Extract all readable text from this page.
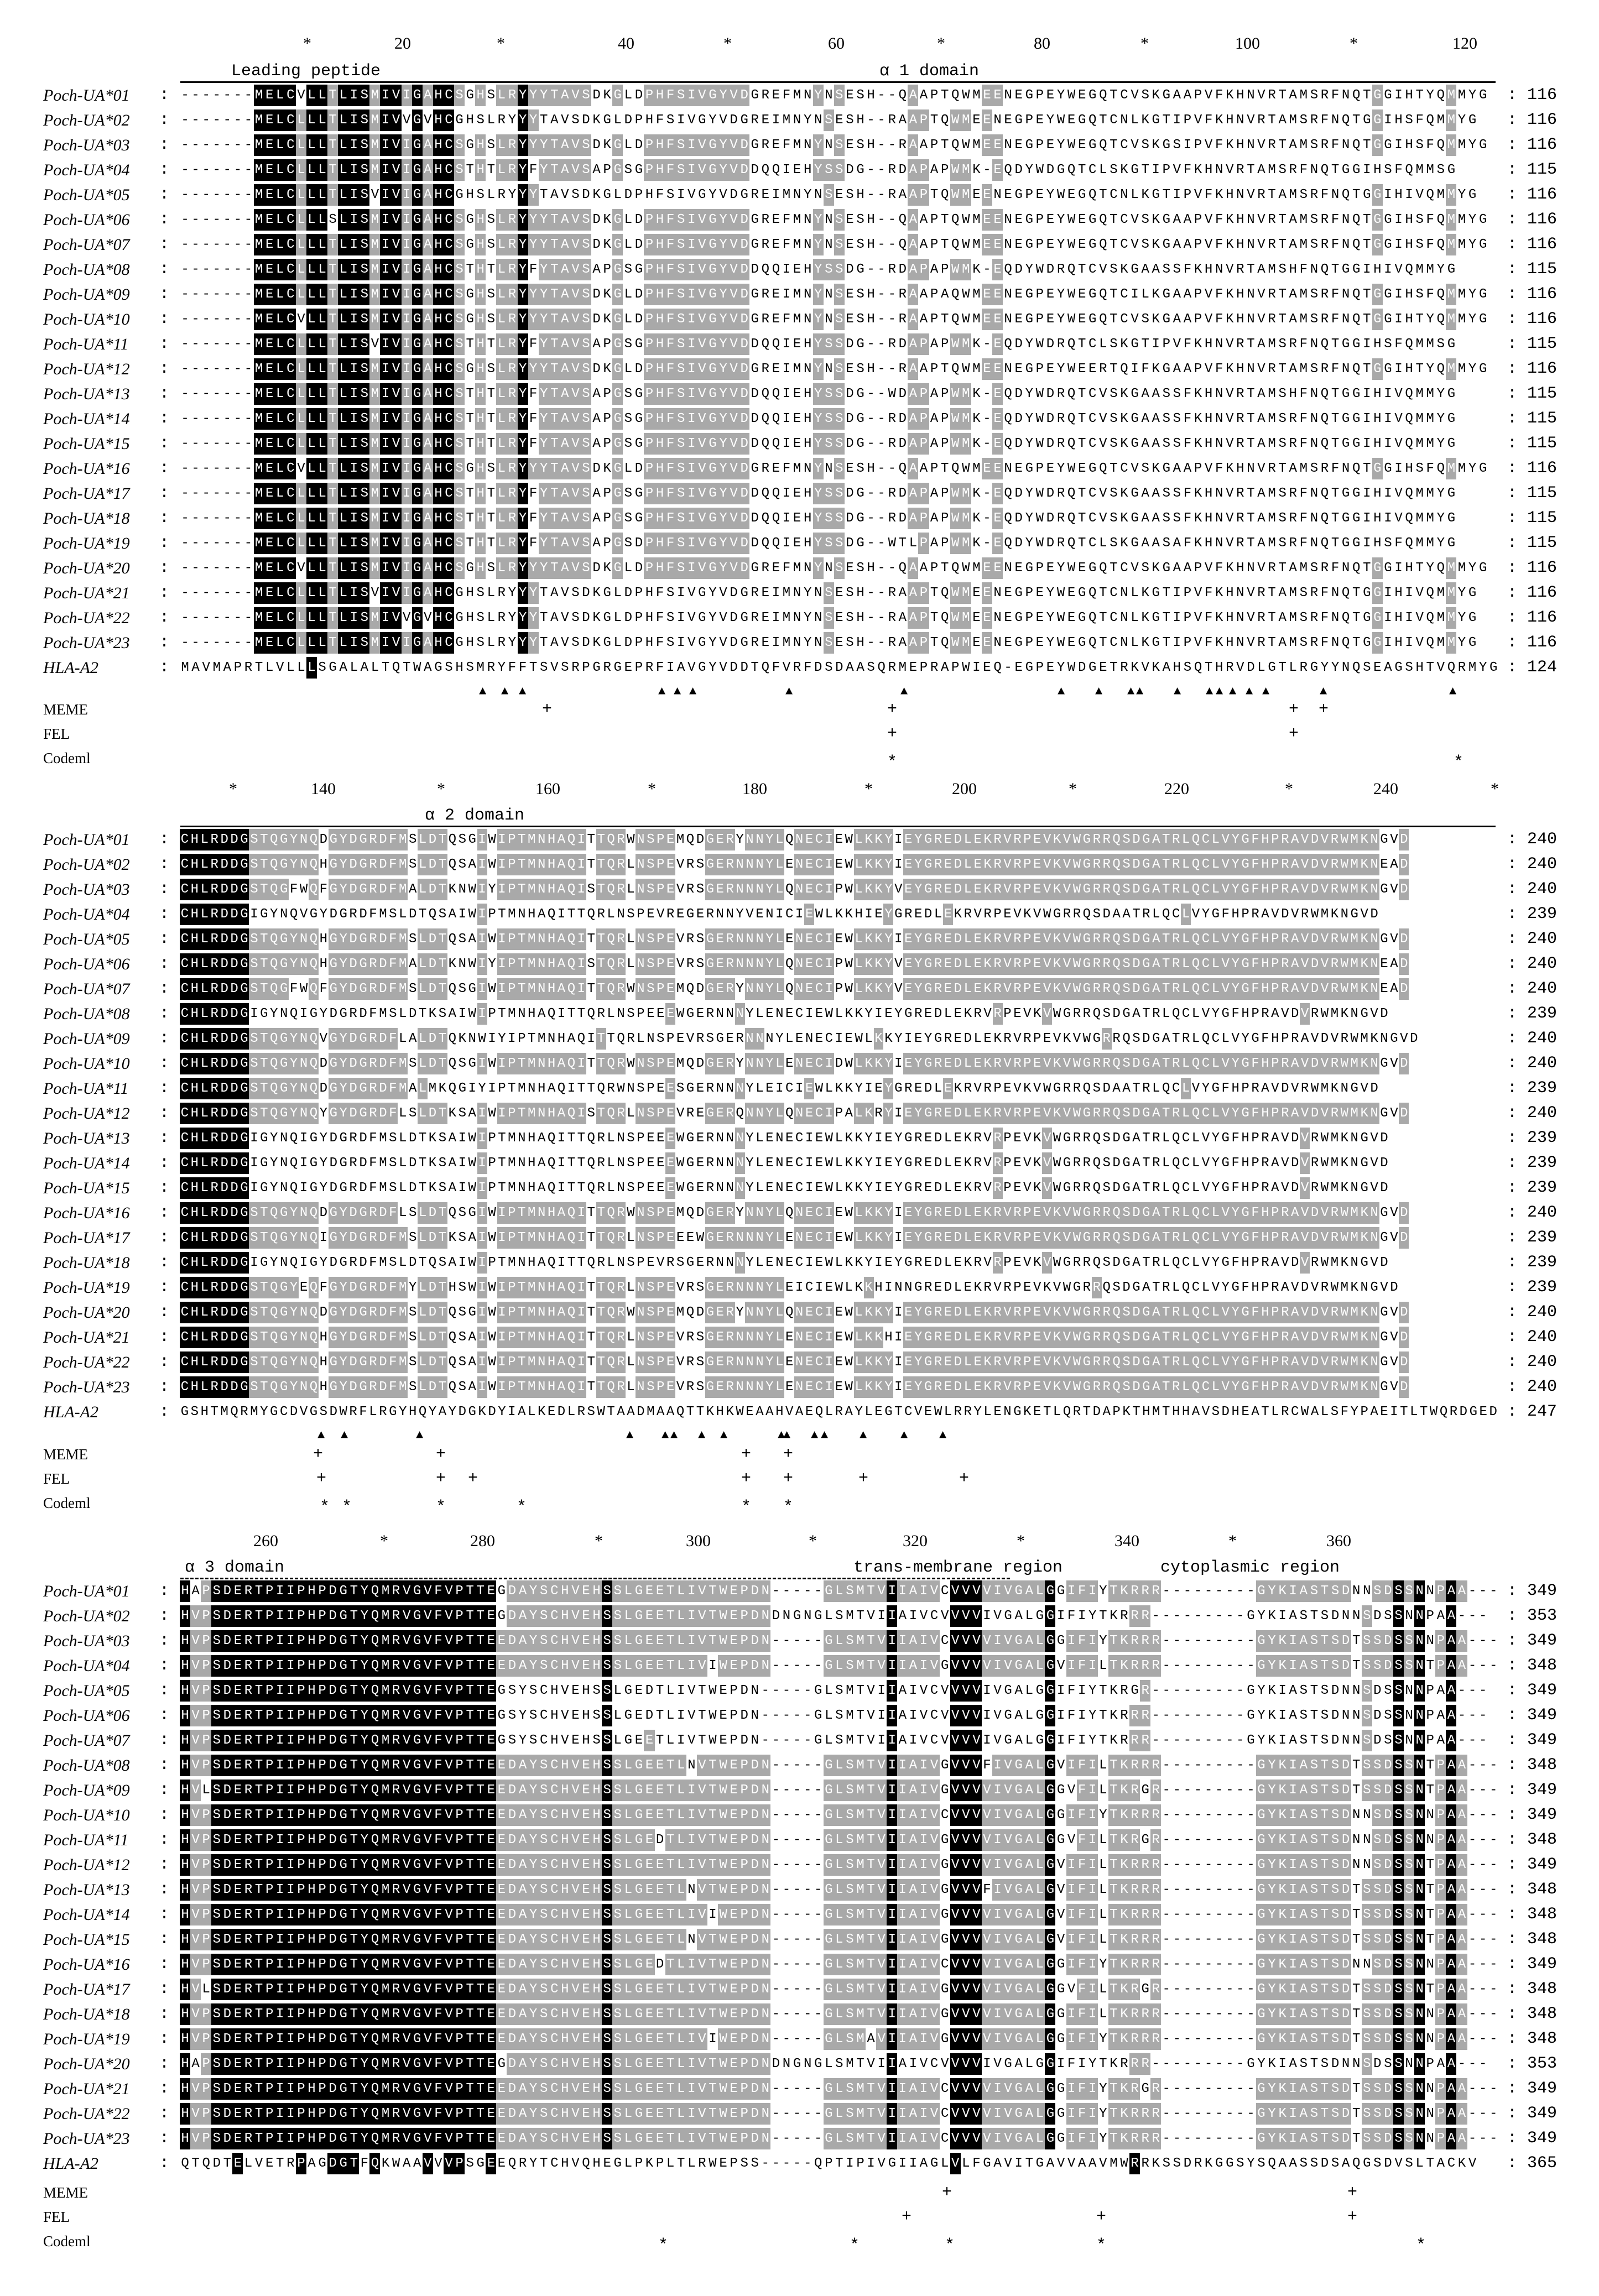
*	20	*	40	*	60	*	80	*	100	*	120
Leading peptide	α 1 domain
Poch-UA*01 : - - - - - - - M E L C V L L T L I S M I V I G A H C S G H S L R Y Y Y T A V S D K G L D P H F S I V G Y V D G R E F M N Y N S E S H - - Q A A P T Q W M E E N E G P E Y W E G Q T C V S K G A A P V F K H N V R T A M S R F N Q T G G I H T Y Q M M Y G	: 116
Poch-UA*02 : - - - - - - - M E L C L L L T L I S M I V V G V H C G H S L R Y Y Y T A V S D K G L D P H F S I V G Y V D G R E I M N Y N S E S H - - R A A P T Q W M E E N E G P E Y W E G Q T C N L K G T I P V F K H N V R T A M S R F N Q T G G I H S F Q M M Y G	: 116
Poch-UA*03 : - - - - - - - M E L C L L L T L I S M I V I G A H C S G H S L R Y Y Y T A V S D K G L D P H F S I V G Y V D G R E F M N Y N S E S H - - R A A P T Q W M E E N E G P E Y W E G Q T C V S K G S I P V F K H N V R T A M S R F N Q T G G I H S F Q M M Y G	: 116
Poch-UA*04 : - - - - - - - M E L C L L L T L I S M I V I G A H C S T H T L R Y F Y T A V S A P G S G P H F S I V G Y V D D Q Q I E H Y S S D G - - R D A P A P W M K - E Q D Y W D G Q T C L S K G T I P V F K H N V R T A M S R F N Q T G G I H S F Q M M S G	: 115
Poch-UA*05 : - - - - - - - M E L C L L L T L I S V I V I G A H C G H S L R Y Y Y T A V S D K G L D P H F S I V G Y V D G R E I M N Y N S E S H - - R A A P T Q W M E E N E G P E Y W E G Q T C N L K G T I P V F K H N V R T A M S R F N Q T G G I H I V Q M M Y G	: 116
Poch-UA*06 : - - - - - - - M E L C L L L S L I S M I V I G A H C S G H S L R Y Y Y T A V S D K G L D P H F S I V G Y V D G R E F M N Y N S E S H - - Q A A P T Q W M E E N E G P E Y W E G Q T C V S K G A A P V F K H N V R T A M S R F N Q T G G I H S F Q M M Y G	: 116
Poch-UA*07 : - - - - - - - M E L C L L L T L I S M I V I G A H C S G H S L R Y Y Y T A V S D K G L D P H F S I V G Y V D G R E F M N Y N S E S H - - Q A A P T Q W M E E N E G P E Y W E G Q T C V S K G A A P V F K H N V R T A M S R F N Q T G G I H S F Q M M Y G	: 116
Poch-UA*08 : - - - - - - - M E L C L L L T L I S M I V I G A H C S T H T L R Y F Y T A V S A P G S G P H F S I V G Y V D D Q Q I E H Y S S D G - - R D A P A P W M K - E Q D Y W D R Q T C V S K G A A S S F K H N V R T A M S H F N Q T G G I H I V Q M M Y G	: 115
Poch-UA*09 : - - - - - - - M E L C L L L T L I S M I V I G A H C S G H S L R Y Y Y T A V S D K G L D P H F S I V G Y V D G R E I M N Y N S E S H - - R A A P A Q W M E E N E G P E Y W E G Q T C I L K G A A P V F K H N V R T A M S R F N Q T G G I H S F Q M M Y G	: 116
Poch-UA*10 : - - - - - - - M E L C V L L T L I S M I V I G A H C S G H S L R Y Y Y T A V S D K G L D P H F S I V G Y V D G R E F M N Y N S E S H - - R A A P T Q W M E E N E G P E Y W E G Q T C V S K G A A P V F K H N V R T A M S R F N Q T G G I H T Y Q M M Y G	: 116
Poch-UA*11 : - - - - - - - M E L C L L L T L I S V I V I G A H C S T H T L R Y F Y T A V S A P G S G P H F S I V G Y V D D Q Q I E H Y S S D G - - R D A P A P W M K - E Q D Y W D R Q T C L S K G T I P V F K H N V R T A M S R F N Q T G G I H S F Q M M S G	: 115
Poch-UA*12 : - - - - - - - M E L C L L L T L I S M I V I G A H C S G H S L R Y Y Y T A V S D K G L D P H F S I V G Y V D G R E I M N Y N S E S H - - R A A P T Q W M E E N E G P E Y W E E R T Q I F K G A A P V F K H N V R T A M S R F N Q T G G I H T Y Q M M Y G	: 116
Poch-UA*13 : - - - - - - - M E L C L L L T L I S M I V I G A H C S T H T L R Y F Y T A V S A P G S G P H F S I V G Y V D D Q Q I E H Y S S D G - - W D A P A P W M K - E Q D Y W D R Q T C V S K G A A S S F K H N V R T A M S H F N Q T G G I H I V Q M M Y G	: 115
Poch-UA*14 : - - - - - - - M E L C L L L T L I S M I V I G A H C S T H T L R Y F Y T A V S A P G S G P H F S I V G Y V D D Q Q I E H Y S S D G - - R D A P A P W M K - E Q D Y W D R Q T C V S K G A A S S F K H N V R T A M S R F N Q T G G I H I V Q M M Y G	: 115
Poch-UA*15 : - - - - - - - M E L C L L L T L I S M I V I G A H C S T H T L R Y F Y T A V S A P G S G P H F S I V G Y V D D Q Q I E H Y S S D G - - R D A P A P W M K - E Q D Y W D R Q T C V S K G A A S S F K H N V R T A M S R F N Q T G G I H I V Q M M Y G	: 115
Poch-UA*16 : - - - - - - - M E L C V L L T L I S M I V I G A H C S G H S L R Y Y Y T A V S D K G L D P H F S I V G Y V D G R E F M N Y N S E S H - - Q A A P T Q W M E E N E G P E Y W E G Q T C V S K G A A P V F K H N V R T A M S R F N Q T G G I H S F Q M M Y G	: 116
Poch-UA*17 : - - - - - - - M E L C L L L T L I S M I V I G A H C S T H T L R Y F Y T A V S A P G S G P H F S I V G Y V D D Q Q I E H Y S S D G - - R D A P A P W M K - E Q D Y W D R Q T C V S K G A A S S F K H N V R T A M S R F N Q T G G I H I V Q M M Y G	: 115
Poch-UA*18 : - - - - - - - M E L C L L L T L I S M I V I G A H C S T H T L R Y F Y T A V S A P G S G P H F S I V G Y V D D Q Q I E H Y S S D G - - R D A P A P W M K - E Q D Y W D R Q T C V S K G A A S S F K H N V R T A M S R F N Q T G G I H I V Q M M Y G	: 115
Poch-UA*19 : - - - - - - - M E L C L L L T L I S M I V I G A H C S T H T L R Y F Y T A V S A P G S D P H F S I V G Y V D D Q Q I E H Y S S D G - - W T L P A P W M K - E Q D Y W D R Q T C L S K G A A S A F K H N V R T A M S R F N Q T G G I H S F Q M M Y G	: 115
Poch-UA*20 : - - - - - - - M E L C V L L T L I S M I V I G A H C S G H S L R Y Y Y T A V S D K G L D P H F S I V G Y V D G R E F M N Y N S E S H - - Q A A P T Q W M E E N E G P E Y W E G Q T C V S K G A A P V F K H N V R T A M S R F N Q T G G I H T Y Q M M Y G	: 116
Poch-UA*21 : - - - - - - - M E L C L L L T L I S V I V I G A H C G H S L R Y Y Y T A V S D K G L D P H F S I V G Y V D G R E I M N Y N S E S H - - R A A P T Q W M E E N E G P E Y W E G Q T C N L K G T I P V F K H N V R T A M S R F N Q T G G I H I V Q M M Y G	: 116
Poch-UA*22 : - - - - - - - M E L C L L L T L I S M I V V G V H C G H S L R Y Y Y T A V S D K G L D P H F S I V G Y V D G R E I M N Y N S E S H - - R A A P T Q W M E E N E G P E Y W E G Q T C N L K G T I P V F K H N V R T A M S R F N Q T G G I H I V Q M M Y G	: 116
Poch-UA*23 : - - - - - - - M E L C L L L T L I S M I V I G A H C G H S L R Y Y Y T A V S D K G L D P H F S I V G Y V D G R E I M N Y N S E S H - - R A A P T Q W M E E N E G P E Y W E G Q T C N L K G T I P V F K H N V R T A M S R F N Q T G G I H I V Q M M Y G	: 116
HLA-A2	: M A V M A P R T L V L L L S G A L A L T Q T W A G S H S M R Y F F T S V S R P G R G E P R F I A V G Y V D D T Q F V R F D S D A A S Q R M E P R A P W I E Q - E G P E Y W D G E T R K V K A H S Q T H R V D L G T L R G Y Y N Q S E A G S H T V Q R M Y G : 124
▲ ▲ ▲	▲ ▲ ▲	▲	▲	▲ ▲ ▲ ▲ ▲ ▲ ▲ ▲ ▲ ▲	▲	▲
MEME	+	+	+ +
FEL	+	+
Codeml	*	*
*	140	*	160	*	180	*	200	*	220	*	240	*
α 2 domain
Poch-UA*01 : C H L R D D G S T Q G Y N Q D G Y D G R D F M S L D T Q S G I W I P T M N H A Q I T T Q R W N S P E M Q D G E R Y N N Y L Q N E C I E W L K K Y I E Y G R E D L E K R V R P E V K V W G R R Q S D G A T R L Q C L V Y G F H P R A V D V R W M K N G V D	: 240
Poch-UA*02 : C H L R D D G S T Q G Y N Q H G Y D G R D F M S L D T Q S A I W I P T M N H A Q I T T Q R L N S P E V R S G E R N N N Y L E N E C I E W L K K Y I E Y G R E D L E K R V R P E V K V W G R R Q S D G A T R L Q C L V Y G F H P R A V D V R W M K N E A D	: 240
Poch-UA*03 : C H L R D D G S T Q G F W Q F G Y D G R D F M A L D T K N W I Y I P T M N H A Q I S T Q R L N S P E V R S G E R N N N Y L Q N E C I P W L K K Y V E Y G R E D L E K R V R P E V K V W G R R Q S D G A T R L Q C L V Y G F H P R A V D V R W M K N G V D	: 240
Poch-UA*04 : C H L R D D G I G Y N Q V G Y D G R D F M S L D T Q S A I W I P T M N H A Q I T T Q R L N S P E V R E G E R N N Y V E N I C I E W L K K H I E Y G R E D L E K R V R P E V K V W G R R Q S D A A T R L Q C L V Y G F H P R A V D V R W M K N G V D	: 239
Poch-UA*05 : C H L R D D G S T Q G Y N Q H G Y D G R D F M S L D T Q S A I W I P T M N H A Q I T T Q R L N S P E V R S G E R N N N Y L E N E C I E W L K K Y I E Y G R E D L E K R V R P E V K V W G R R Q S D G A T R L Q C L V Y G F H P R A V D V R W M K N G V D	: 240
Poch-UA*06 : C H L R D D G S T Q G Y N Q H G Y D G R D F M A L D T K N W I Y I P T M N H A Q I S T Q R L N S P E V R S G E R N N N Y L Q N E C I P W L K K Y V E Y G R E D L E K R V R P E V K V W G R R Q S D G A T R L Q C L V Y G F H P R A V D V R W M K N E A D	: 240
Poch-UA*07 : C H L R D D G S T Q G F W Q F G Y D G R D F M S L D T Q S G I W I P T M N H A Q I T T Q R W N S P E M Q D G E R Y N N Y L Q N E C I P W L K K Y V E Y G R E D L E K R V R P E V K V W G R R Q S D G A T R L Q C L V Y G F H P R A V D V R W M K N E A D	: 240
Poch-UA*08 : C H L R D D G I G Y N Q I G Y D G R D F M S L D T K S A I W I P T M N H A Q I T T Q R L N S P E E E W G E R N N N Y L E N E C I E W L K K Y I E Y G R E D L E K R V R P E V K V W G R R Q S D G A T R L Q C L V Y G F H P R A V D V R W M K N G V D	: 239
Poch-UA*09 : C H L R D D G S T Q G Y N Q V G Y D G R D F L A L D T Q K N W I Y I P T M N H A Q I T T Q R L N S P E V R S G E R N N N Y L E N E C I E W L K K Y I E Y G R E D L E K R V R P E V K V W G R R Q S D G A T R L Q C L V Y G F H P R A V D V R W M K N G V D	: 240
Poch-UA*10 : C H L R D D G S T Q G Y N Q D G Y D G R D F M S L D T Q S G I W I P T M N H A Q I T T Q R W N S P E M Q D G E R Y N N Y L E N E C I D W L K K Y I E Y G R E D L E K R V R P E V K V W G R R Q S D G A T R L Q C L V Y G F H P R A V D V R W M K N G V D	: 240
Poch-UA*11 : C H L R D D G S T Q G Y N Q D G Y D G R D F M A L M K Q G I Y I P T M N H A Q I T T Q R W N S P E E S G E R N N N Y L E I C I E W L K K Y I E Y G R E D L E K R V R P E V K V W G R R Q S D A A T R L Q C L V Y G F H P R A V D V R W M K N G V D	: 239
Poch-UA*12 : C H L R D D G S T Q G Y N Q Y G Y D G R D F L S L D T K S A I W I P T M N H A Q I S T Q R L N S P E V R E G E R Q N N Y L Q N E C I P A L K R Y I E Y G R E D L E K R V R P E V K V W G R R Q S D G A T R L Q C L V Y G F H P R A V D V R W M K N G V D	: 240
Poch-UA*13 : C H L R D D G I G Y N Q I G Y D G R D F M S L D T K S A I W I P T M N H A Q I T T Q R L N S P E E E W G E R N N N Y L E N E C I E W L K K Y I E Y G R E D L E K R V R P E V K V W G R R Q S D G A T R L Q C L V Y G F H P R A V D V R W M K N G V D	: 239
Poch-UA*14 : C H L R D D G I G Y N Q I G Y D G R D F M S L D T K S A I W I P T M N H A Q I T T Q R L N S P E E E W G E R N N N Y L E N E C I E W L K K Y I E Y G R E D L E K R V R P E V K V W G R R Q S D G A T R L Q C L V Y G F H P R A V D V R W M K N G V D	: 239
Poch-UA*15 : C H L R D D G I G Y N Q I G Y D G R D F M S L D T K S A I W I P T M N H A Q I T T Q R L N S P E E E W G E R N N N Y L E N E C I E W L K K Y I E Y G R E D L E K R V R P E V K V W G R R Q S D G A T R L Q C L V Y G F H P R A V D V R W M K N G V D	: 239
Poch-UA*16 : C H L R D D G S T Q G Y N Q D G Y D G R D F L S L D T Q S G I W I P T M N H A Q I T T Q R W N S P E M Q D G E R Y N N Y L Q N E C I E W L K K Y I E Y G R E D L E K R V R P E V K V W G R R Q S D G A T R L Q C L V Y G F H P R A V D V R W M K N G V D	: 240
Poch-UA*17 : C H L R D D G S T Q G Y N Q I G Y D G R D F M S L D T K S A I W I P T M N H A Q I T T Q R L N S P E E E W G E R N N N Y L E N E C I E W L K K Y I E Y G R E D L E K R V R P E V K V W G R R Q S D G A T R L Q C L V Y G F H P R A V D V R W M K N G V D	: 239
Poch-UA*18 : C H L R D D G I G Y N Q I G Y D G R D F M S L D T Q S A I W I P T M N H A Q I T T Q R L N S P E V R S G E R N N N Y L E N E C I E W L K K Y I E Y G R E D L E K R V R P E V K V W G R R Q S D G A T R L Q C L V Y G F H P R A V D V R W M K N G V D	: 239
Poch-UA*19 : C H L R D D G S T Q G Y E Q F G Y D G R D F M Y L D T H S W I W I P T M N H A Q I T T Q R L N S P E V R S G E R N N N Y L E I C I E W L K K H I N N G R E D L E K R V R P E V K V W G R R Q S D G A T R L Q C L V Y G F H P R A V D V R W M K N G V D	: 239
Poch-UA*20 : C H L R D D G S T Q G Y N Q D G Y D G R D F M S L D T Q S G I W I P T M N H A Q I T T Q R W N S P E M Q D G E R Y N N Y L Q N E C I E W L K K Y I E Y G R E D L E K R V R P E V K V W G R R Q S D G A T R L Q C L V Y G F H P R A V D V R W M K N G V D	: 240
Poch-UA*21 : C H L R D D G S T Q G Y N Q H G Y D G R D F M S L D T Q S A I W I P T M N H A Q I T T Q R L N S P E V R S G E R N N N Y L E N E C I E W L K K H I E Y G R E D L E K R V R P E V K V W G R R Q S D G A T R L Q C L V Y G F H P R A V D V R W M K N G V D	: 240
Poch-UA*22 : C H L R D D G S T Q G Y N Q H G Y D G R D F M S L D T Q S A I W I P T M N H A Q I T T Q R L N S P E V R S G E R N N N Y L E N E C I E W L K K Y I E Y G R E D L E K R V R P E V K V W G R R Q S D G A T R L Q C L V Y G F H P R A V D V R W M K N G V D	: 240
Poch-UA*23 : C H L R D D G S T Q G Y N Q H G Y D G R D F M S L D T Q S A I W I P T M N H A Q I T T Q R L N S P E V R S G E R N N N Y L E N E C I E W L K K Y I E Y G R E D L E K R V R P E V K V W G R R Q S D G A T R L Q C L V Y G F H P R A V D V R W M K N G V D	: 240
HLA-A2	: G S H T M Q R M Y G C D V G S D W R F L R G Y H Q Y A Y D G K D Y I A L K E D L R S W T A A D M A A Q T T K H K W E A A H V A E Q L R A Y L E G T C V E W L R R Y L E N G K E T L Q R T D A P K T H M T H H A V S D H E A T L R C W A L S F Y P A E I T L T W Q R D G E D : 247
▲ ▲	▲	▲ ▲ ▲ ▲ ▲	▲
▲ ▲ ▲	▲	▲	▲
MEME	+	+	+ +
FEL	+	+ +	+ +	+	+
Codeml	* *	*	*	* *
260	*	280	*	300	*	320	*	340	*	360
α 3 domain	trans-membrane region	cytoplasmic region
Poch-UA*01 : H A P S D E R T P I I P H P D G T Y Q M R V G V F V P T T E G D A Y S C H V E H S S L G E E T L I V T W E P D N - - - - - G L S M T V I I A I V C V V V V I V G A L G G I F I Y T K R R R - - - - - - - - - G Y K I A S T S D N N S D S S N N P A A - - - : 349
Poch-UA*02 : H V P S D E R T P I I P H P D G T Y Q M R V G V F V P T T E G D A Y S C H V E H S S L G E E T L I V T W E P D N D N G N G L S M T V I I A I V C V V V V I V G A L G G I F I Y T K R R R - - - - - - - - - G Y K I A S T S D N N S D S S N N P A A - - -	: 353
Poch-UA*03 : H V P S D E R T P I I P H P D G T Y Q M R V G V F V P T T E E D A Y S C H V E H S S L G E E T L I V T W E P D N - - - - - G L S M T V I I A I V C V V V V I V G A L G G I F I Y T K R R R - - - - - - - - - G Y K I A S T S D T S S D S S N N P A A - - - : 349
Poch-UA*04 : H V P S D E R T P I I P H P D G T Y Q M R V G V F V P T T E E D A Y S C H V E H S S L G E E T L I V I W E P D N - - - - - G L S M T V I I A I V G V V V V I V G A L G V I F I L T K R R R - - - - - - - - - G Y K I A S T S D T S S D S S N T P A A - - - : 348
Poch-UA*05 : H V P S D E R T P I I P H P D G T Y Q M R V G V F V P T T E G S Y S C H V E H S S L G E D T L I V T W E P D N - - - - - G L S M T V I I A I V C V V V V I V G A L G G I F I Y T K R G R - - - - - - - - - G Y K I A S T S D N N S D S S N N P A A - - -	: 349
Poch-UA*06 : H V P S D E R T P I I P H P D G T Y Q M R V G V F V P T T E G S Y S C H V E H S S L G E D T L I V T W E P D N - - - - - G L S M T V I I A I V C V V V V I V G A L G G I F I Y T K R R R - - - - - - - - - G Y K I A S T S D N N S D S S N N P A A - - -	: 349
Poch-UA*07 : H V P S D E R T P I I P H P D G T Y Q M R V G V F V P T T E G S Y S C H V E H S S L G E E T L I V T W E P D N - - - - - G L S M T V I I A I V C V V V V I V G A L G G I F I Y T K R R R - - - - - - - - - G Y K I A S T S D N N S D S S N N P A A - - -	: 349
Poch-UA*08 : H V P S D E R T P I I P H P D G T Y Q M R V G V F V P T T E E D A Y S C H V E H S S L G E E T L N V T W E P D N - - - - - G L S M T V I I A I V G V V V F I V G A L G V I F I L T K R R R - - - - - - - - - G Y K I A S T S D T S S D S S N T P A A - - - : 348
Poch-UA*09 : H V L S D E R T P I I P H P D G T Y Q M R V G V F V P T T E E D A Y S C H V E H S S L G E E T L I V T W E P D N - - - - - G L S M T V I I A I V G V V V V I V G A L G G V F I L T K R G R - - - - - - - - - G Y K I A S T S D T S S D S S N T P A A - - - : 349
Poch-UA*10 : H V P S D E R T P I I P H P D G T Y Q M R V G V F V P T T E E D A Y S C H V E H S S L G E E T L I V T W E P D N - - - - - G L S M T V I I A I V C V V V V I V G A L G G I F I Y T K R R R - - - - - - - - - G Y K I A S T S D N N S D S S N N P A A - - - : 349
Poch-UA*11 : H V P S D E R T P I I P H P D G T Y Q M R V G V F V P T T E E D A Y S C H V E H S S L G E D T L I V T W E P D N - - - - - G L S M T V I I A I V G V V V V I V G A L G G V F I L T K R G R - - - - - - - - - G Y K I A S T S D N N S D S S N N P A A - - - : 348
Poch-UA*12 : H V P S D E R T P I I P H P D G T Y Q M R V G V F V P T T E E D A Y S C H V E H S S L G E E T L I V T W E P D N - - - - - G L S M T V I I A I V G V V V V I V G A L G V I F I L T K R R R - - - - - - - - - G Y K I A S T S D N N S D S S N T P A A - - - : 349
Poch-UA*13 : H V P S D E R T P I I P H P D G T Y Q M R V G V F V P T T E E D A Y S C H V E H S S L G E E T L N V T W E P D N - - - - - G L S M T V I I A I V G V V V F I V G A L G V I F I L T K R R R - - - - - - - - - G Y K I A S T S D T S S D S S N T P A A - - - : 348
Poch-UA*14 : H V P S D E R T P I I P H P D G T Y Q M R V G V F V P T T E E D A Y S C H V E H S S L G E E T L I V I W E P D N - - - - - G L S M T V I I A I V G V V V V I V G A L G V I F I L T K R R R - - - - - - - - - G Y K I A S T S D T S S D S S N T P A A - - - : 348
Poch-UA*15 : H V P S D E R T P I I P H P D G T Y Q M R V G V F V P T T E E D A Y S C H V E H S S L G E E T L N V T W E P D N - - - - - G L S M T V I I A I V G V V V V I V G A L G V I F I L T K R R R - - - - - - - - - G Y K I A S T S D T S S D S S N T P A A - - - : 348
Poch-UA*16 : H V P S D E R T P I I P H P D G T Y Q M R V G V F V P T T E E D A Y S C H V E H S S L G E D T L I V T W E P D N - - - - - G L S M T V I I A I V C V V V V I V G A L G G I F I Y T K R R R - - - - - - - - - G Y K I A S T S D N N S D S S N N P A A - - - : 349
Poch-UA*17 : H V L S D E R T P I I P H P D G T Y Q M R V G V F V P T T E E D A Y S C H V E H S S L G E E T L I V T W E P D N - - - - - G L S M T V I I A I V G V V V V I V G A L G G V F I L T K R G R - - - - - - - - - G Y K I A S T S D T S S D S S N T P A A - - - : 348
Poch-UA*18 : H V P S D E R T P I I P H P D G T Y Q M R V G V F V P T T E E D A Y S C H V E H S S L G E E T L I V T W E P D N - - - - - G L S M T V I I A I V G V V V V I V G A L G G I F I L T K R R R - - - - - - - - - G Y K I A S T S D T S S D S S N N P A A - - - : 348
Poch-UA*19 : H V P S D E R T P I I P H P D G T Y Q M R V G V F V P T T E E D A Y S C H V E H S S L G E E T L I V I W E P D N - - - - - G L S M A V I I A I V G V V V V I V G A L G G I F I Y T K R R R - - - - - - - - - G Y K I A S T S D T S S D S S N N P A A - - - : 348
Poch-UA*20 : H A P S D E R T P I I P H P D G T Y Q M R V G V F V P T T E G D A Y S C H V E H S S L G E E T L I V T W E P D N D N G N G L S M T V I I A I V C V V V V I V G A L G G I F I Y T K R R R - - - - - - - - - G Y K I A S T S D N N S D S S N N P A A - - -	: 353
Poch-UA*21 : H V P S D E R T P I I P H P D G T Y Q M R V G V F V P T T E E D A Y S C H V E H S S L G E E T L I V T W E P D N - - - - - G L S M T V I I A I V C V V V V I V G A L G G I F I Y T K R G R - - - - - - - - - G Y K I A S T S D T S S D S S N N P A A - - - : 349
Poch-UA*22 : H V P S D E R T P I I P H P D G T Y Q M R V G V F V P T T E E D A Y S C H V E H S S L G E E T L I V T W E P D N - - - - - G L S M T V I I A I V C V V V V I V G A L G G I F I Y T K R R R - - - - - - - - - G Y K I A S T S D T S S D S S N N P A A - - - : 349
Poch-UA*23 : H V P S D E R T P I I P H P D G T Y Q M R V G V F V P T T E E D A Y S C H V E H S S L G E E T L I V T W E P D N - - - - - G L S M T V I I A I V C V V V V I V G A L G G I F I Y T K R R R - - - - - - - - - G Y K I A S T S D T S S D S S N N P A A - - - : 349
HLA-A2	: Q T Q D T E L V E T R P A G D G T F Q K W A A V V V P S G E E Q R Y T C H V Q H E G L P K P L T L R W E P S S - - - - - Q P T I P I V G I I A G L V L F G A V I T G A V V A A V M W R R K S S D R K G G S Y S Q A A S S D S A Q G S D V S L T A C K V	: 365
MEME	+	+
FEL	+	+	+
Codeml	*	*	*	*	*
